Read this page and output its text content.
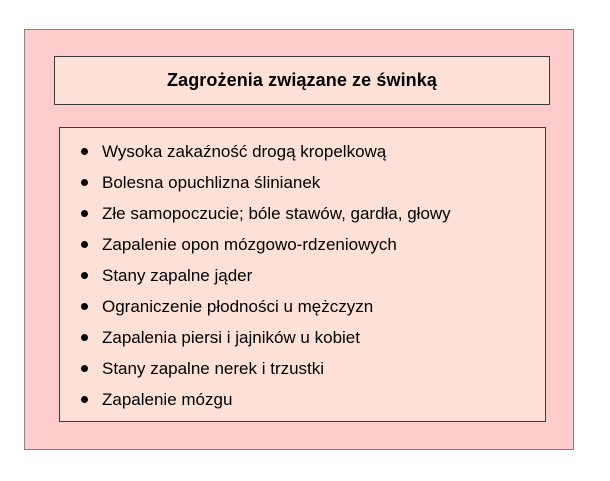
Zagrożenia związane ze świnką
Wysoka zakaźność drogą kropelkową
Bolesna opuchlizna ślinianek
Złe samopoczucie; bóle stawów, gardła, głowy
Zapalenie opon mózgowo-rdzeniowych
Stany zapalne jąder
Ograniczenie płodności u mężczyzn
Zapalenia piersi i jajników u kobiet
Stany zapalne nerek i trzustki
Zapalenie mózgu
